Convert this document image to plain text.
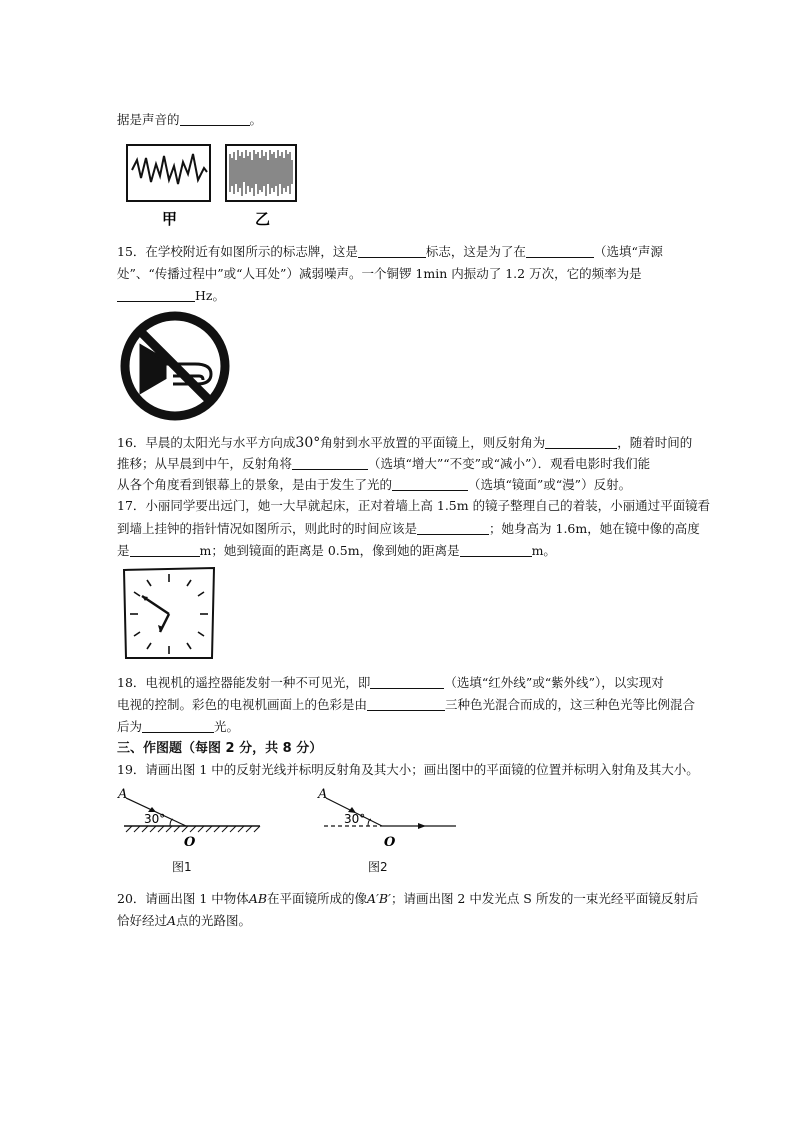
据是声音的	。
甲	乙
15．在学校附近有如图所示的标志牌，这是	标志，这是为了在	（选填“声源
处”、“传播过程中”或“人耳处”）减弱噪声。一个铜锣 1min 内振动了 1.2 万次，它的频率为是
Hz。
16．早晨的太阳光与水平方向成30°角射到水平放置的平面镜上，则反射角为	，随着时间的
推移；从早晨到中午，反射角将	（选填“增大”“不变”或“减小”）．观看电影时我们能
从各个角度看到银幕上的景象，是由于发生了光的	（选填“镜面”或“漫”）反射。
17．小丽同学要出远门，她一大早就起床，正对着墙上高 1.5m 的镜子整理自己的着装，小丽通过平面镜看
到墙上挂钟的指针情况如图所示，则此时的时间应该是	；她身高为 1.6m，她在镜中像的高度
是	m；她到镜面的距离是 0.5m，像到她的距离是	m。
18．电视机的遥控器能发射一种不可见光，即	（选填“红外线”或“紫外线”），以实现对
电视的控制。彩色的电视机画面上的色彩是由	三种色光混合而成的，这三种色光等比例混合
后为	光。
三、作图题（每图 2 分，共 8 分）
19．请画出图 1 中的反射光线并标明反射角及其大小；画出图中的平面镜的位置并标明入射角及其大小。
A
30°
O
图1
A
30°
O
图2
20．请画出图 1 中物体AB在平面镜所成的像A′B′；请画出图 2 中发光点 S 所发的一束光经平面镜反射后
恰好经过A点的光路图。
